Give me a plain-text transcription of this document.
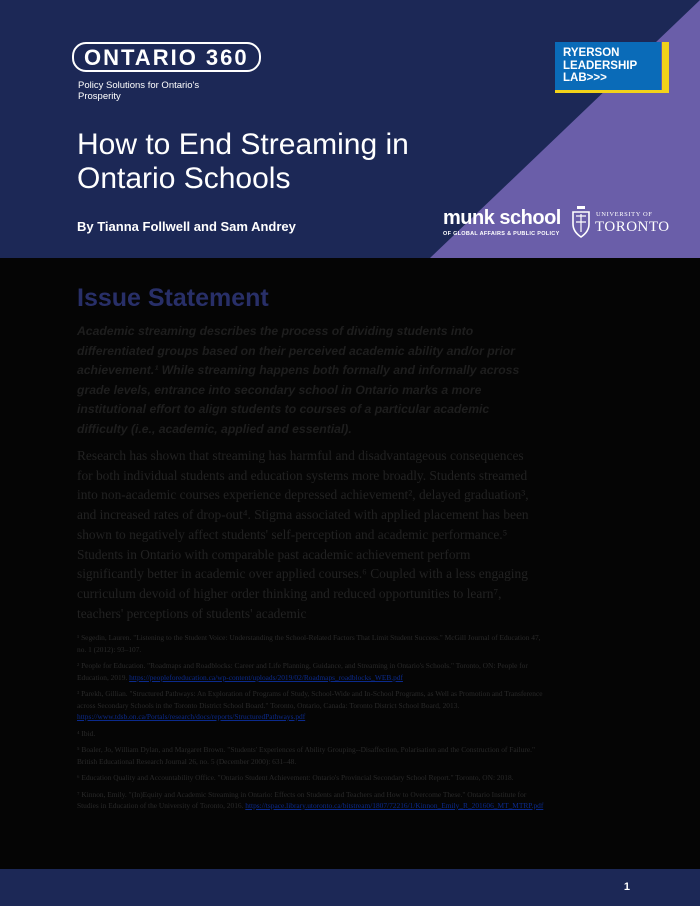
ONTARIO 360
Policy Solutions for Ontario's Prosperity
How to End Streaming in Ontario Schools
By Tianna Follwell and Sam Andrey
RYERSON
LEADERSHIP
LAB>>>
munk school
OF GLOBAL AFFAIRS & PUBLIC POLICY
UNIVERSITY OF
TORONTO
Issue Statement

Academic streaming describes the process of dividing students into differentiated groups based on their perceived academic ability and/or prior achievement.¹ While streaming happens both formally and informally across grade levels, entrance into secondary school in Ontario marks a more institutional effort to align students to courses of a particular academic difficulty (i.e., academic, applied and essential).

Research has shown that streaming has harmful and disadvantageous consequences for both individual students and education systems more broadly. Students streamed into non-academic courses experience depressed achievement², delayed graduation³, and increased rates of drop-out⁴. Stigma associated with applied placement has been shown to negatively affect students' self-perception and academic performance.⁵ Students in Ontario with comparable past academic achievement perform significantly better in academic over applied courses.⁶ Coupled with a less engaging curriculum devoid of higher order thinking and reduced opportunities to learn⁷, teachers' perceptions of students' academic

¹ Segedin, Lauren. "Listening to the Student Voice: Understanding the School-Related Factors That Limit Student Success." McGill Journal of Education 47, no. 1 (2012): 93–107.

² People for Education. "Roadmaps and Roadblocks: Career and Life Planning, Guidance, and Streaming in Ontario's Schools." Toronto, ON: People for Education, 2019. https://peopleforeducation.ca/wp-content/uploads/2019/02/Roadmaps_roadblocks_WEB.pdf

³ Parekh, Gillian. "Structured Pathways: An Exploration of Programs of Study, School-Wide and In-School Programs, as Well as Promotion and Transference across Secondary Schools in the Toronto District School Board." Toronto, Ontario, Canada: Toronto District School Board, 2013. https://www.tdsb.on.ca/Portals/research/docs/reports/StructuredPathways.pdf

⁴ Ibid.

⁵ Boaler, Jo, William Dylan, and Margaret Brown. "Students' Experiences of Ability Grouping--Disaffection, Polarisation and the Construction of Failure." British Educational Research Journal 26, no. 5 (December 2000): 631–48.

⁶ Education Quality and Accountability Office. "Ontario Student Achievement: Ontario's Provincial Secondary School Report." Toronto, ON: 2018.

⁷ Kinnon, Emily. "(In)Equity and Academic Streaming in Ontario: Effects on Students and Teachers and How to Overcome These." Ontario Institute for Studies in Education of the University of Toronto, 2016. https://tspace.library.utoronto.ca/bitstream/1807/72216/1/Kinnon_Emily_R_201606_MT_MTRP.pdf

1
